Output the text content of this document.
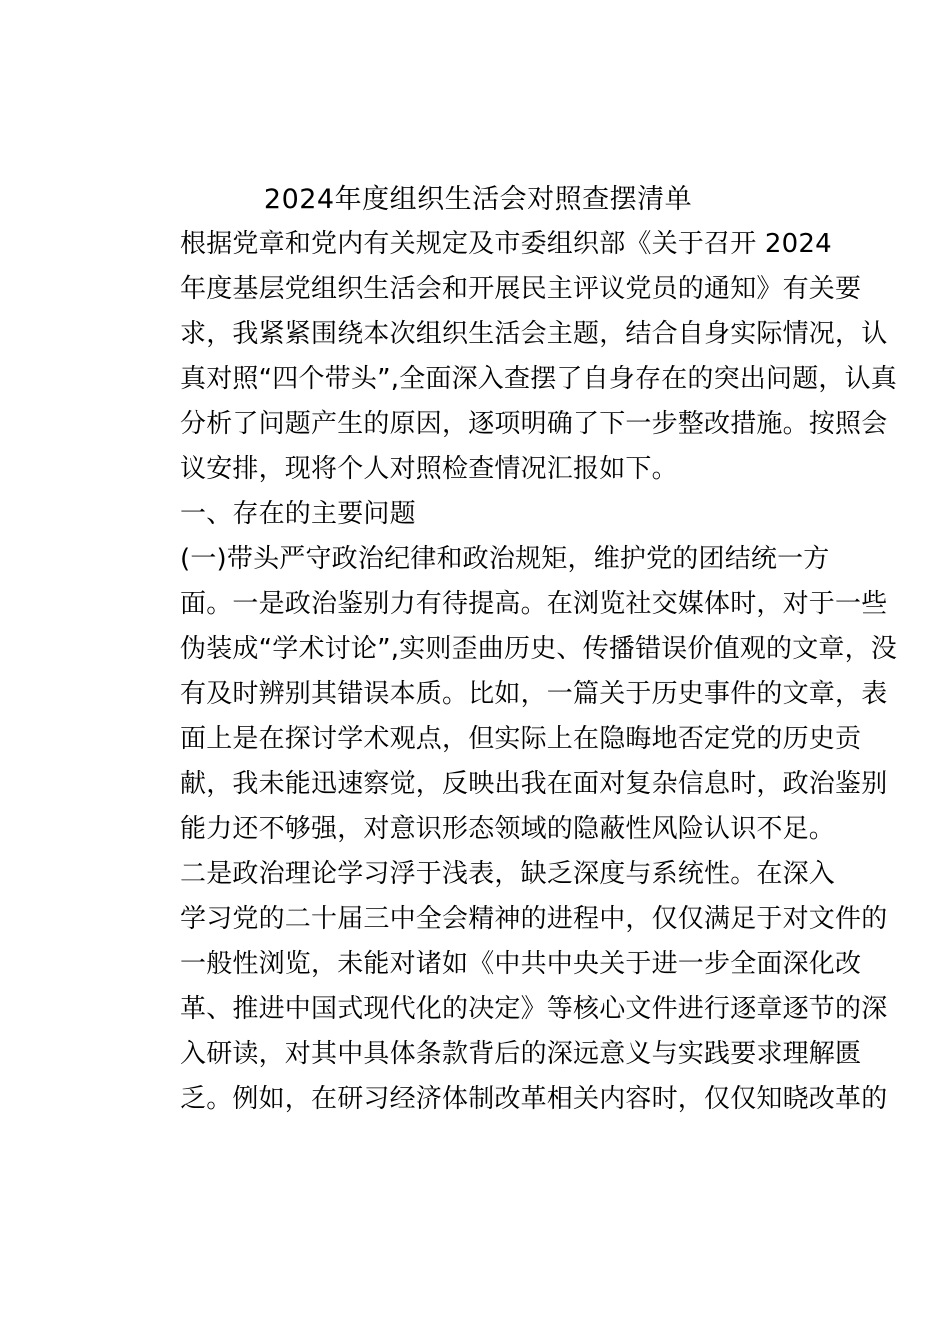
2024年度组织生活会对照查摆清单

根据党章和党内有关规定及市委组织部《关于召开 2024
年度基层党组织生活会和开展民主评议党员的通知》有关要
求，我紧紧围绕本次组织生活会主题，结合自身实际情况，认
真对照“四个带头”,全面深入查摆了自身存在的突出问题，认真
分析了问题产生的原因，逐项明确了下一步整改措施。按照会
议安排，现将个人对照检查情况汇报如下。

一、存在的主要问题

(一)带头严守政治纪律和政治规矩，维护党的团结统一方
面。一是政治鉴别力有待提高。在浏览社交媒体时，对于一些
伪装成“学术讨论”,实则歪曲历史、传播错误价值观的文章，没
有及时辨别其错误本质。比如，一篇关于历史事件的文章，表
面上是在探讨学术观点，但实际上在隐晦地否定党的历史贡
献，我未能迅速察觉，反映出我在面对复杂信息时，政治鉴别
能力还不够强，对意识形态领域的隐蔽性风险认识不足。

二是政治理论学习浮于浅表，缺乏深度与系统性。在深入
学习党的二十届三中全会精神的进程中，仅仅满足于对文件的
一般性浏览，未能对诸如《中共中央关于进一步全面深化改
革、推进中国式现代化的决定》等核心文件进行逐章逐节的深
入研读，对其中具体条款背后的深远意义与实践要求理解匮
乏。例如，在研习经济体制改革相关内容时，仅仅知晓改革的
